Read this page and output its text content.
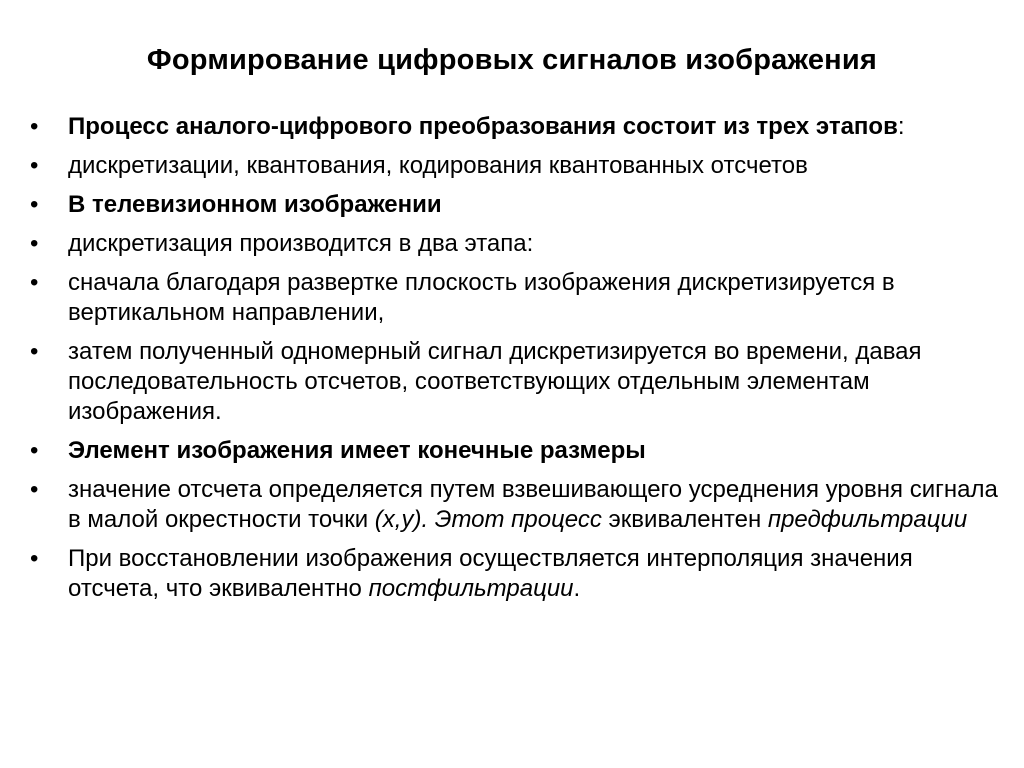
Формирование цифровых сигналов изображения
•	Процесс аналого-цифрового преобразования состоит из трех этапов:
•	дискретизации, квантования, кодирования квантованных отсчетов
•	В телевизионном изображении
•	дискретизация производится в два этапа:
•	сначала благодаря развертке плоскость изображения дискретизируется в вертикальном направлении,
•	затем полученный одномерный сигнал дискретизируется во времени, давая последовательность отсчетов, соответствующих отдельным элементам изображения.
•	Элемент изображения имеет конечные размеры
•	значение отсчета определяется путем взвешивающего усреднения уровня сигнала в малой окрестности точки (x,y). Этот процесс эквивалентен предфильтрации
•	При восстановлении изображения осуществляется интерполяция значения отсчета, что эквивалентно постфильтрации.
